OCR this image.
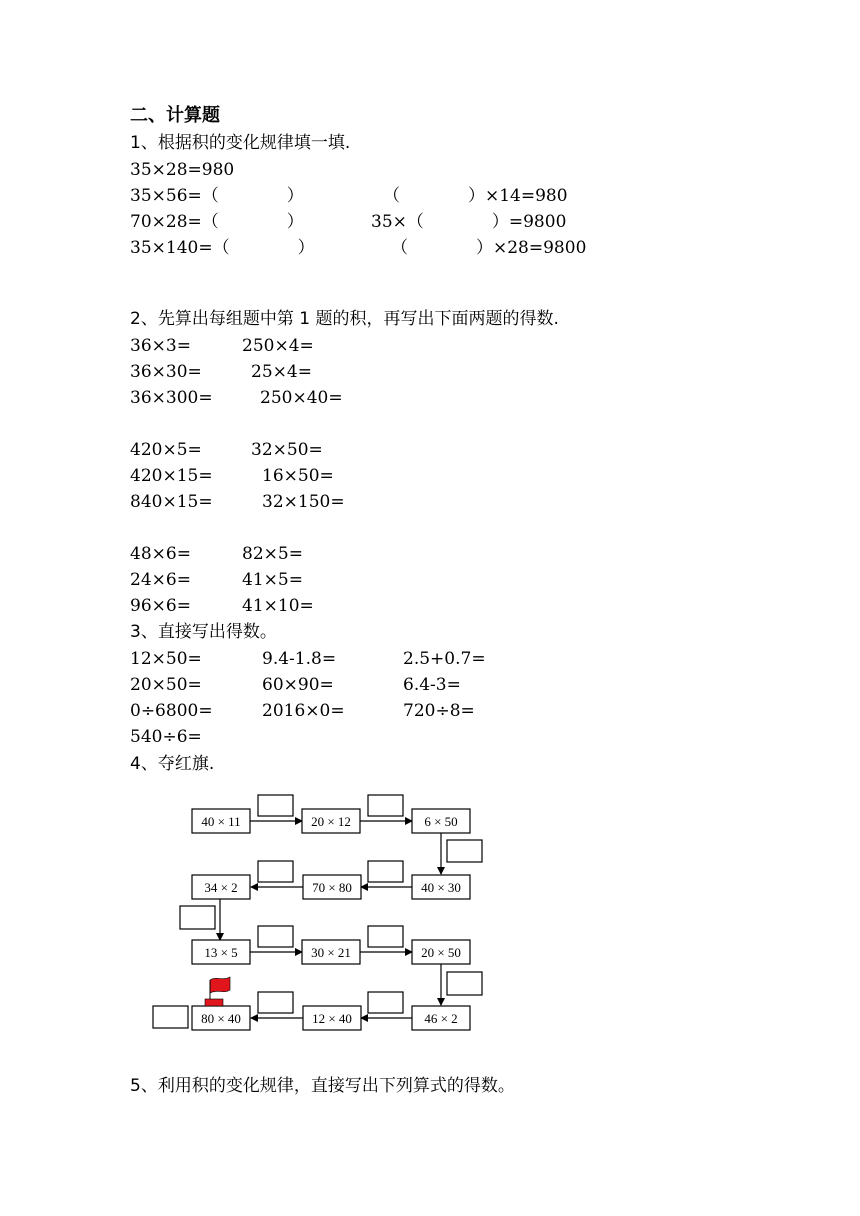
二、计算题
1、根据积的变化规律填一填.
35×28=980
35×56=（　　　　）	（　　　　）×14=980
70×28=（　　　　）	35×（　　　　）=9800
35×140=（　　　　）	（　　　　）×28=9800
2、先算出每组题中第 1 题的积，再写出下面两题的得数.
36×3=	250×4=
36×30=	25×4=
36×300=	250×40=
420×5=	32×50=
420×15=	16×50=
840×15=	32×150=
48×6=	82×5=
24×6=	41×5=
96×6=	41×10=
3、直接写出得数。
12×50=	9.4-1.8=	2.5+0.7=
20×50=	60×90=	6.4-3=
0÷6800=	2016×0=	720÷8=
540÷6=
4、夺红旗.
40 × 11	20 × 12	6 × 50
34 × 2	70 × 80	40 × 30
13 × 5	30 × 21	20 × 50
80 × 40	12 × 40	46 × 2
5、利用积的变化规律，直接写出下列算式的得数。
